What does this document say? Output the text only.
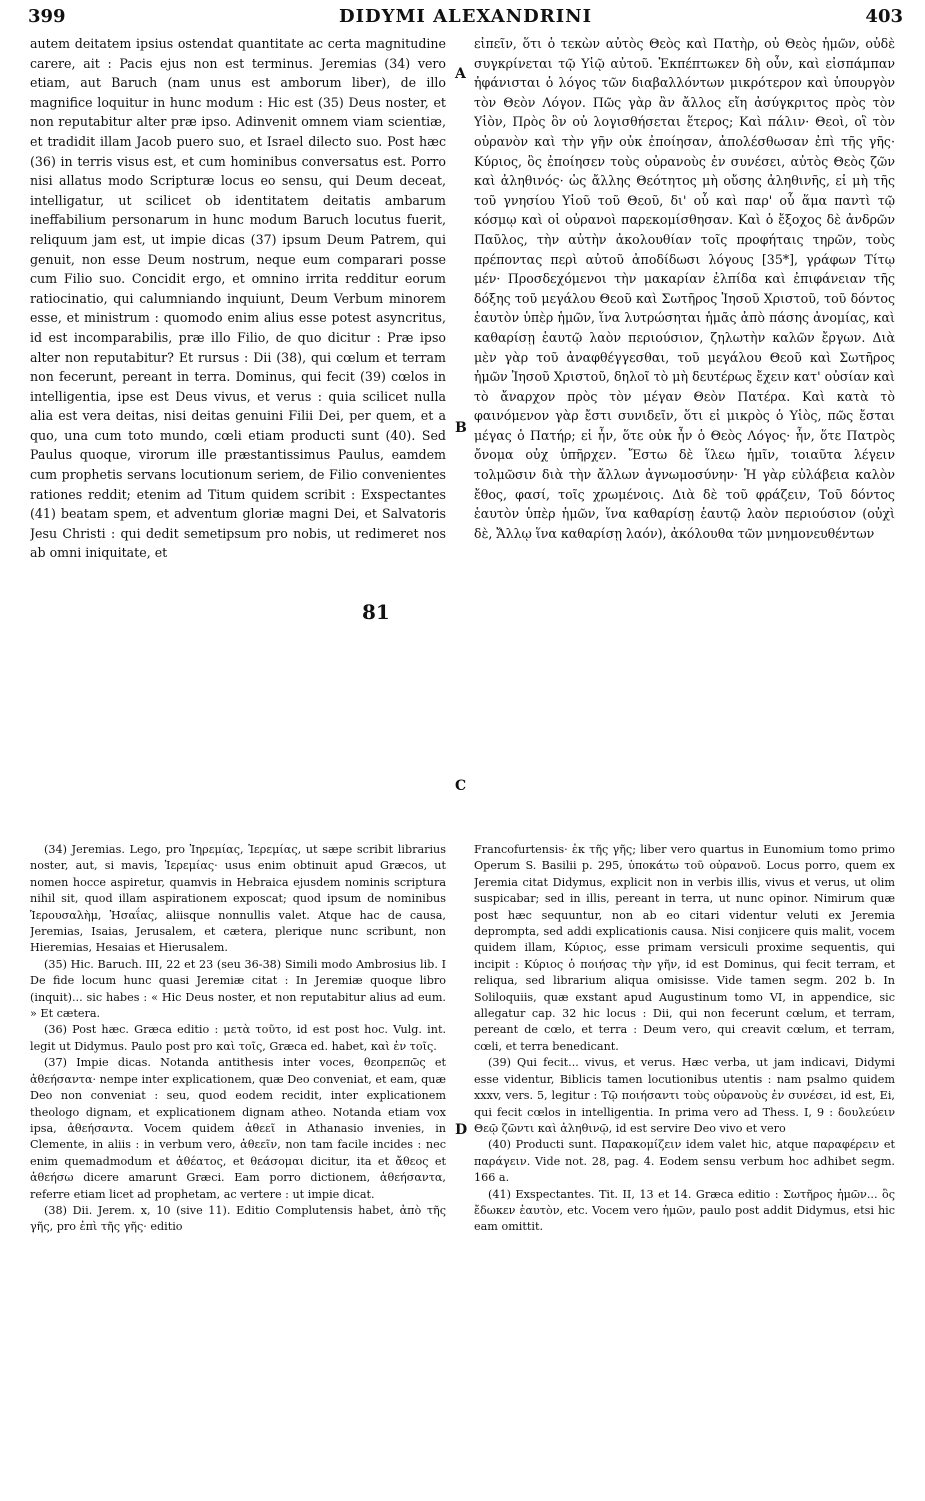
399	DIDYMI ALEXANDRINI	403

autem deitatem ipsius ostendat quantitate ac certa magnitudine carere, ait : Pacis ejus non est terminus. Jeremias (34) vero etiam, aut Baruch (nam unus est amborum liber), de illo magnifice loquitur in hunc modum : Hic est (35) Deus noster, et non reputabitur alter præ ipso. Adinvenit omnem viam scientiæ, et tradidit illam Jacob puero suo, et Israel dilecto suo. Post hæc (36) in terris visus est, et cum hominibus conversatus est. Porro nisi allatus modo Scripturæ locus eo sensu, qui Deum deceat, intelligatur, ut scilicet ob identitatem deitatis ambarum ineffabilium personarum in hunc modum Baruch locutus fuerit, reliquum jam est, ut impie dicas (37) ipsum Deum Patrem, qui genuit, non esse Deum nostrum, neque eum comparari posse cum Filio suo. Concidit ergo, et omnino irrita redditur eorum ratiocinatio, qui calumniando inquiunt, Deum Verbum minorem esse, et ministrum : quomodo enim alius esse potest asyncritus, id est incomparabilis, præ illo Filio, de quo dicitur : Præ ipso alter non reputabitur? Et rursus : Dii (38), qui cœlum et terram non fecerunt, pereant in terra. Dominus, qui fecit (39) cœlos in intelligentia, ipse est Deus vivus, et verus : quia scilicet nulla alia est vera deitas, nisi deitas genuini Filii Dei, per quem, et a quo, una cum toto mundo, cœli etiam producti sunt (40). Sed Paulus quoque, virorum ille præstantissimus Paulus, eamdem cum prophetis servans locutionum seriem, de Filio convenientes rationes reddit; etenim ad Titum quidem scribit : Exspectantes (41) beatam spem, et adventum gloriæ magni Dei, et Salvatoris Jesu Christi : qui dedit semetipsum pro nobis, ut redimeret nos ab omni iniquitate, et

A
B
C
D
81

εἰπεῖν, ὅτι ὁ τεκὼν αὐτὸς Θεὸς καὶ Πατὴρ, οὐ Θεὸς ἡμῶν, οὐδὲ συγκρίνεται τῷ Υἱῷ αὐτοῦ. Ἐκπέπτωκεν δὴ οὖν, καὶ εἰσπάμπαν ἠφάνισται ὁ λόγος τῶν διαβαλλόντων μικρότερον καὶ ὑπουργὸν τὸν Θεὸν Λόγον. Πῶς γὰρ ἂν ἄλλος εἴη ἀσύγκριτος πρὸς τὸν Υἱὸν, Πρὸς ὃν οὐ λογισθήσεται ἕτερος; Καὶ πάλιν· Θεοὶ, οἳ τὸν οὐρανὸν καὶ τὴν γῆν οὐκ ἐποίησαν, ἀπολέσθωσαν ἐπὶ τῆς γῆς· Κύριος, ὃς ἐποίησεν τοὺς οὐρανοὺς ἐν συνέσει, αὐτὸς Θεὸς ζῶν καὶ ἀληθινός· ὡς ἄλλης Θεότητος μὴ οὔσης ἀληθινῆς, εἰ μὴ τῆς τοῦ γνησίου Υἱοῦ τοῦ Θεοῦ, δι' οὗ καὶ παρ' οὗ ἅμα παντὶ τῷ κόσμῳ καὶ οἱ οὐρανοὶ παρεκομίσθησαν. Καὶ ὁ ἔξοχος δὲ ἀνδρῶν Παῦλος, τὴν αὐτὴν ἀκολουθίαν τοῖς προφήταις τηρῶν, τοὺς πρέποντας περὶ αὐτοῦ ἀποδίδωσι λόγους [35*], γράφων Τίτῳ μέν· Προσδεχόμενοι τὴν μακαρίαν ἐλπίδα καὶ ἐπιφάνειαν τῆς δόξης τοῦ μεγάλου Θεοῦ καὶ Σωτῆρος Ἰησοῦ Χριστοῦ, τοῦ δόντος ἑαυτὸν ὑπὲρ ἡμῶν, ἵνα λυτρώσηται ἡμᾶς ἀπὸ πάσης ἀνομίας, καὶ καθαρίσῃ ἑαυτῷ λαὸν περιούσιον, ζηλωτὴν καλῶν ἔργων. Διὰ μὲν γὰρ τοῦ ἀναφθέγγεσθαι, τοῦ μεγάλου Θεοῦ καὶ Σωτῆρος ἡμῶν Ἰησοῦ Χριστοῦ, δηλοῖ τὸ μὴ δευτέρως ἔχειν κατ' οὐσίαν καὶ τὸ ἄναρχον πρὸς τὸν μέγαν Θεὸν Πατέρα. Καὶ κατὰ τὸ φαινόμενον γὰρ ἔστι συνιδεῖν, ὅτι εἰ μικρὸς ὁ Υἱὸς, πῶς ἔσται μέγας ὁ Πατήρ; εἰ ἦν, ὅτε οὐκ ἦν ὁ Θεὸς Λόγος· ἦν, ὅτε Πατρὸς ὄνομα οὐχ ὑπῆρχεν. Ἔστω δὲ ἵλεω ἡμῖν, τοιαῦτα λέγειν τολμῶσιν διὰ τὴν ἄλλων ἀγνωμοσύνην· Ἡ γὰρ εὐλάβεια καλὸν ἔθος, φασί, τοῖς χρωμένοις. Διὰ δὲ τοῦ φράζειν, Τοῦ δόντος ἑαυτὸν ὑπὲρ ἡμῶν, ἵνα καθαρίσῃ ἑαυτῷ λαὸν περιούσιον (οὐχὶ δὲ, Ἄλλῳ ἵνα καθαρίσῃ λαόν), ἀκόλουθα τῶν μνημονευθέντων

(34) Jeremias. Lego, pro Ἱηρεμίας, Ἱερεμίας, ut sæpe scribit librarius noster, aut, si mavis, Ἱερεμίας· usus enim obtinuit apud Græcos, ut nomen hocce aspiretur, quamvis in Hebraica ejusdem nominis scriptura nihil sit, quod illam aspirationem exposcat; quod ipsum de nominibus Ἱερουσαλὴμ, Ἡσαΐας, aliisque nonnullis valet. Atque hac de causa, Jeremias, Isaias, Jerusalem, et cætera, plerique nunc scribunt, non Hieremias, Hesaias et Hierusalem.

(35) Hic. Baruch. III, 22 et 23 (seu 36-38) Simili modo Ambrosius lib. I De fide locum hunc quasi Jeremiæ citat : In Jeremiæ quoque libro (inquit)... sic habes : « Hic Deus noster, et non reputabitur alius ad eum. » Et cætera.

(36) Post hæc. Græca editio : μετὰ τοῦτο, id est post hoc. Vulg. int. legit ut Didymus. Paulo post pro καὶ τοῖς, Græca ed. habet, καὶ ἐν τοῖς.

(37) Impie dicas. Notanda antithesis inter voces, θεοπρεπῶς et ἀθεήσαντα· nempe inter explicationem, quæ Deo conveniat, et eam, quæ Deo non conveniat : seu, quod eodem recidit, inter explicationem theologo dignam, et explicationem dignam atheo. Notanda etiam vox ipsa, ἀθεήσαντα. Vocem quidem ἀθεεῖ in Athanasio invenies, in Clemente, in aliis : in verbum vero, ἀθεεῖν, non tam facile incides : nec enim quemadmodum et ἀθέατος, et θεάσομαι dicitur, ita et ἄθεος et ἀθεήσω dicere amarunt Græci. Eam porro dictionem, ἀθεήσαντα, referre etiam licet ad prophetam, ac vertere : ut impie dicat.

(38) Dii. Jerem. x, 10 (sive 11). Editio Complutensis habet, ἀπὸ τῆς γῆς, pro ἐπὶ τῆς γῆς· editio

Francofurtensis· ἐκ τῆς γῆς; liber vero quartus in Eunomium tomo primo Operum S. Basilii p. 295, ὑποκάτω τοῦ οὐρανοῦ. Locus porro, quem ex Jeremia citat Didymus, explicit non in verbis illis, vivus et verus, ut olim suspicabar; sed in illis, pereant in terra, ut nunc opinor. Nimirum quæ post hæc sequuntur, non ab eo citari videntur veluti ex Jeremia deprompta, sed addi explicationis causa. Nisi conjicere quis malit, vocem quidem illam, Κύριος, esse primam versiculi proxime sequentis, qui incipit : Κύριος ὁ ποιήσας τὴν γῆν, id est Dominus, qui fecit terram, et reliqua, sed librarium aliqua omisisse. Vide tamen segm. 202 b. In Soliloquiis, quæ exstant apud Augustinum tomo VI, in appendice, sic allegatur cap. 32 hic locus : Dii, qui non fecerunt cœlum, et terram, pereant de cœlo, et terra : Deum vero, qui creavit cœlum, et terram, cœli, et terra benedicant.

(39) Qui fecit... vivus, et verus. Hæc verba, ut jam indicavi, Didymi esse videntur, Biblicis tamen locutionibus utentis : nam psalmo quidem xxxv, vers. 5, legitur : Τῷ ποιήσαντι τοὺς οὐρανοὺς ἐν συνέσει, id est, Ei, qui fecit cœlos in intelligentia. In prima vero ad Thess. I, 9 : δουλεύειν Θεῷ ζῶντι καὶ ἀληθινῷ, id est servire Deo vivo et vero

(40) Producti sunt. Παρακομίζειν idem valet hic, atque παραφέρειν et παράγειν. Vide not. 28, pag. 4. Eodem sensu verbum hoc adhibet segm. 166 a.

(41) Exspectantes. Tit. II, 13 et 14. Græca editio : Σωτῆρος ἡμῶν... ὃς ἔδωκεν ἑαυτὸν, etc. Vocem vero ἡμῶν, paulo post addit Didymus, etsi hic eam omittit.
